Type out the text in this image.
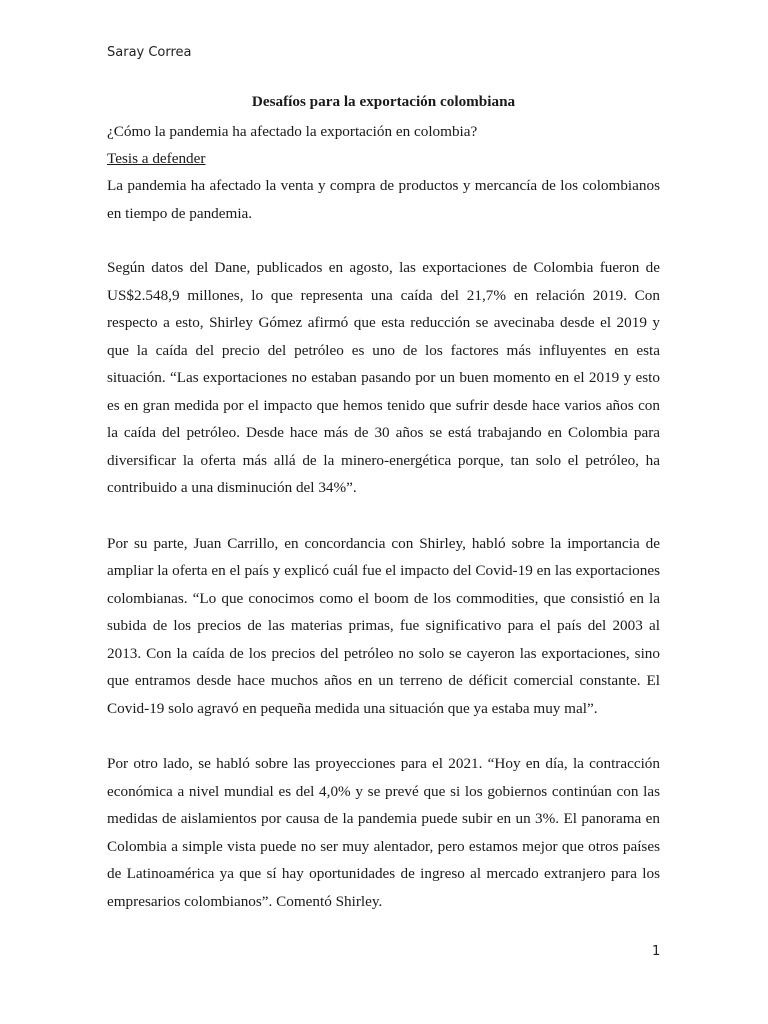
Saray Correa

Desafíos para la exportación colombiana

¿Cómo la pandemia ha afectado la exportación en colombia?

Tesis a defender

La pandemia ha afectado la venta y compra de productos y mercancía de los colombianos en tiempo de pandemia.

Según datos del Dane, publicados en agosto, las exportaciones de Colombia fueron de US$2.548,9 millones, lo que representa una caída del 21,7% en relación 2019. Con respecto a esto, Shirley Gómez afirmó que esta reducción se avecinaba desde el 2019 y que la caída del precio del petróleo es uno de los factores más influyentes en esta situación. “Las exportaciones no estaban pasando por un buen momento en el 2019 y esto es en gran medida por el impacto que hemos tenido que sufrir desde hace varios años con la caída del petróleo. Desde hace más de 30 años se está trabajando en Colombia para diversificar la oferta más allá de la minero-energética porque, tan solo el petróleo, ha contribuido a una disminución del 34%”.

Por su parte, Juan Carrillo, en concordancia con Shirley, habló sobre la importancia de ampliar la oferta en el país y explicó cuál fue el impacto del Covid-19 en las exportaciones colombianas. “Lo que conocimos como el boom de los commodities, que consistió en la subida de los precios de las materias primas, fue significativo para el país del 2003 al 2013. Con la caída de los precios del petróleo no solo se cayeron las exportaciones, sino que entramos desde hace muchos años en un terreno de déficit comercial constante. El Covid-19 solo agravó en pequeña medida una situación que ya estaba muy mal”.

Por otro lado, se habló sobre las proyecciones para el 2021. “Hoy en día, la contracción económica a nivel mundial es del 4,0% y se prevé que si los gobiernos continúan con las medidas de aislamientos por causa de la pandemia puede subir en un 3%. El panorama en Colombia a simple vista puede no ser muy alentador, pero estamos mejor que otros países de Latinoamérica ya que sí hay oportunidades de ingreso al mercado extranjero para los empresarios colombianos”. Comentó Shirley.

1
